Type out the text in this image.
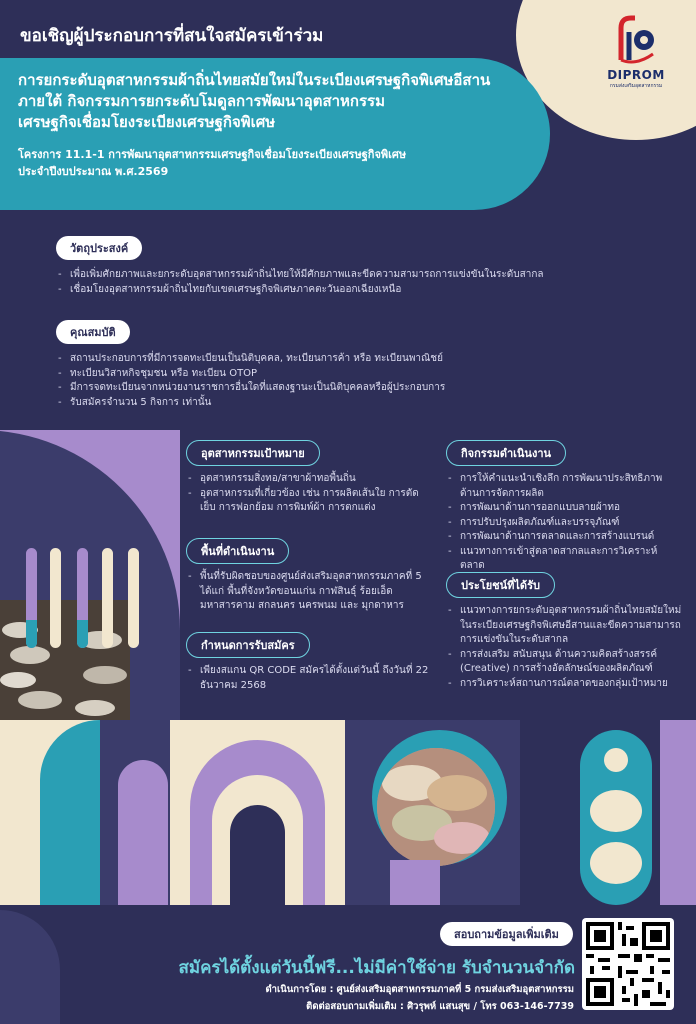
ขอเชิญผู้ประกอบการที่สนใจสมัครเข้าร่วม
DIPROM
กรมส่งเสริมอุตสาหกรรม
การยกระดับอุตสาหกรรมผ้าถิ่นไทยสมัยใหม่ในระเบียงเศรษฐกิจพิเศษอีสาน
ภายใต้ กิจกรรมการยกระดับโมดูลการพัฒนาอุตสาหกรรม
เศรษฐกิจเชื่อมโยงระเบียงเศรษฐกิจพิเศษ
โครงการ 11.1-1 การพัฒนาอุตสาหกรรมเศรษฐกิจเชื่อมโยงระเบียงเศรษฐกิจพิเศษ
ประจำปีงบประมาณ พ.ศ.2569
วัตถุประสงค์
- เพื่อเพิ่มศักยภาพและยกระดับอุตสาหกรรมผ้าถิ่นไทยให้มีศักยภาพและขีดความสามารถการแข่งขันในระดับสากล
- เชื่อมโยงอุตสาหกรรมผ้าถิ่นไทยกับเขตเศรษฐกิจพิเศษภาคตะวันออกเฉียงเหนือ
คุณสมบัติ
- สถานประกอบการที่มีการจดทะเบียนเป็นนิติบุคคล, ทะเบียนการค้า หรือ ทะเบียนพาณิชย์
- ทะเบียนวิสาหกิจชุมชน หรือ ทะเบียน OTOP
- มีการจดทะเบียนจากหน่วยงานราชการอื่นใดที่แสดงฐานะเป็นนิติบุคคลหรือผู้ประกอบการ
- รับสมัครจำนวน 5 กิจการ เท่านั้น
อุตสาหกรรมเป้าหมาย
- อุตสาหกรรมสิ่งทอ/สาขาผ้าทอพื้นถิ่น
- อุตสาหกรรมที่เกี่ยวข้อง เช่น การผลิตเส้นใย การตัดเย็บ การฟอกย้อม การพิมพ์ผ้า การตกแต่ง
พื้นที่ดำเนินงาน
- พื้นที่รับผิดชอบของศูนย์ส่งเสริมอุตสาหกรรมภาคที่ 5 ได้แก่ พื้นที่จังหวัดขอนแก่น กาฬสินธุ์ ร้อยเอ็ด มหาสารคาม สกลนคร นครพนม และ มุกดาหาร
กำหนดการรับสมัคร
- เพียงสแกน QR CODE สมัครได้ตั้งแต่วันนี้ ถึงวันที่ 22 ธันวาคม 2568
กิจกรรมดำเนินงาน
- การให้คำแนะนำเชิงลึก การพัฒนาประสิทธิภาพด้านการจัดการผลิต
- การพัฒนาด้านการออกแบบลายผ้าทอ
- การปรับปรุงผลิตภัณฑ์และบรรจุภัณฑ์
- การพัฒนาด้านการตลาดและการสร้างแบรนด์
- แนวทางการเข้าสู่ตลาดสากลและการวิเคราะห์ตลาด
ประโยชน์ที่ได้รับ
- แนวทางการยกระดับอุตสาหกรรมผ้าถิ่นไทยสมัยใหม่ในระเบียงเศรษฐกิจพิเศษอีสานและขีดความสามารถการแข่งขันในระดับสากล
- การส่งเสริม สนับสนุน ด้านความคิดสร้างสรรค์ (Creative) การสร้างอัตลักษณ์ของผลิตภัณฑ์
- การวิเคราะห์สถานการณ์ตลาดของกลุ่มเป้าหมาย
สอบถามข้อมูลเพิ่มเติม
สมัครได้ตั้งแต่วันนี้ฟรี...ไม่มีค่าใช้จ่าย รับจำนวนจำกัด
ดำเนินการโดย : ศูนย์ส่งเสริมอุตสาหกรรมภาคที่ 5 กรมส่งเสริมอุตสาหกรรม
ติดต่อสอบถามเพิ่มเติม : ศิวรุพห์ แสนสุข / โทร 063-146-7739
